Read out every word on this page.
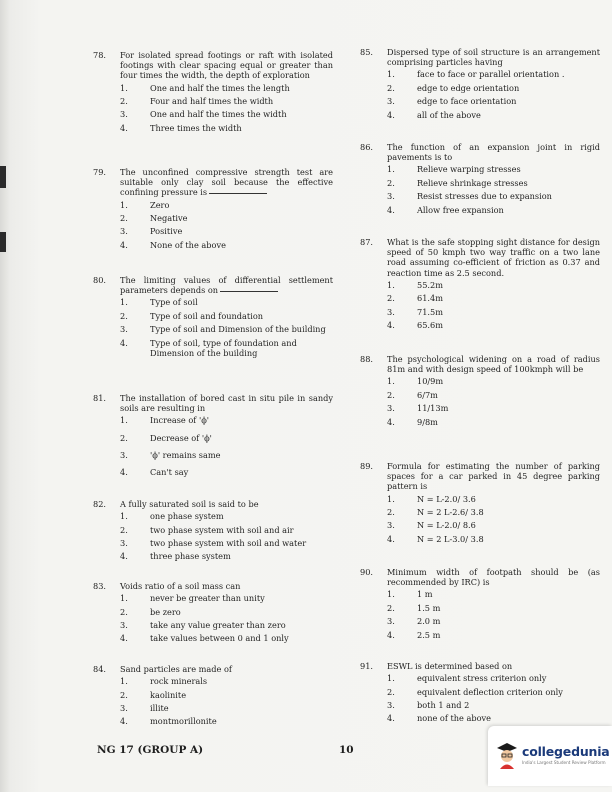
78. For isolated spread footings or raft with isolated footings with clear spacing equal or greater than four times the width, the depth of exploration
1.	One and half the times the length
2.	Four and half times the width
3.	One and half the times the width
4.	Three times the width
79. The unconfined compressive strength test are suitable only clay soil because the effective confining pressure is
1.	Zero
2.	Negative
3.	Positive
4.	None of the above
80. The limiting values of differential settlement parameters depends on
1.	Type of soil
2.	Type of soil and foundation
3.	Type of soil and Dimension of the building
4.	Type of soil, type of foundation and Dimension of the building
81. The installation of bored cast in situ pile in sandy soils are resulting in
1.	Increase of 'ϕ'
2.	Decrease of 'ϕ'
3.	'ϕ' remains same
4.	Can't say
82. A fully saturated soil is said to be
1.	one phase system
2.	two phase system with soil and air
3.	two phase system with soil and water
4.	three phase system
83. Voids ratio of a soil mass can
1.	never be greater than unity
2.	be zero
3.	take any value greater than zero
4.	take values between 0 and 1 only
84. Sand particles are made of
1.	rock minerals
2.	kaolinite
3.	illite
4.	montmorillonite
85. Dispersed type of soil structure is an arrangement comprising particles having
1.	face to face or parallel orientation .
2.	edge to edge orientation
3.	edge to face orientation
4.	all of the above
86. The function of an expansion joint in rigid pavements is to
1.	Relieve warping stresses
2.	Relieve shrinkage stresses
3.	Resist stresses due to expansion
4.	Allow free expansion
87. What is the safe stopping sight distance for design speed of 50 kmph two way traffic on a two lane road assuming co-efficient of friction as 0.37 and reaction time as 2.5 second.
1.	55.2m
2.	61.4m
3.	71.5m
4.	65.6m
88. The psychological widening on a road of radius 81m and with design speed of 100kmph will be
1.	10/9m
2.	6/7m
3.	11/13m
4.	9/8m
89. Formula for estimating the number of parking spaces for a car parked in 45 degree parking pattern is
1.	N = L-2.0/ 3.6
2.	N = 2 L-2.6/ 3.8
3.	N = L-2.0/ 8.6
4.	N = 2 L-3.0/ 3.8
90. Minimum width of footpath should be (as recommended by IRC) is
1.	1 m
2.	1.5 m
3.	2.0 m
4.	2.5 m
91. ESWL is determined based on
1.	equivalent stress criterion only
2.	equivalent deflection criterion only
3.	both 1 and 2
4.	none of the above
NG 17 (GROUP A)	10	collegedunia
India's Largest Student Review Platform
